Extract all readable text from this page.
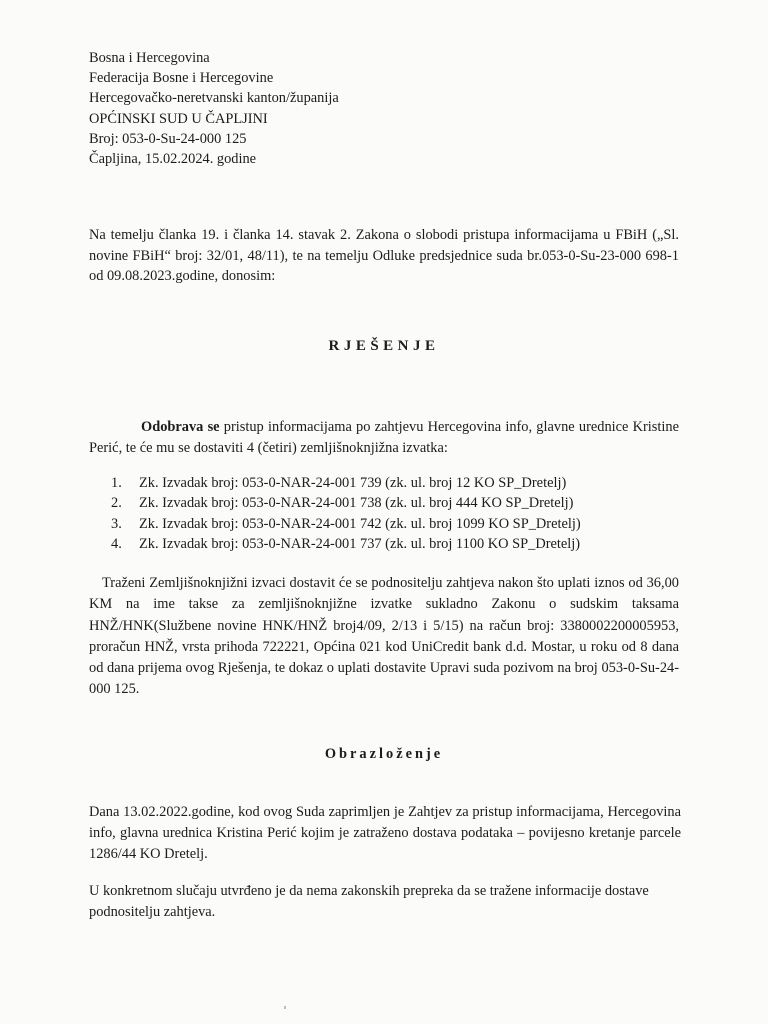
Bosna i Hercegovina
Federacija Bosne i Hercegovine
Hercegovačko-neretvanski kanton/županija
OPĆINSKI SUD U ČAPLJINI
Broj: 053-0-Su-24-000 125
Čapljina, 15.02.2024. godine
Na temelju članka 19. i članka 14. stavak 2. Zakona o slobodi pristupa informacijama u FBiH („Sl. novine FBiH“ broj: 32/01, 48/11), te na temelju Odluke predsjednice suda br.053-0-Su-23-000 698-1 od 09.08.2023.godine, donosim:
RJEŠENJE
Odobrava se pristup informacijama po zahtjevu Hercegovina info, glavne urednice Kristine Perić, te će mu se dostaviti 4 (četiri) zemljišnoknjižna izvatka:
1. Zk. Izvadak broj: 053-0-NAR-24-001 739 (zk. ul. broj 12 KO SP_Dretelj)
2. Zk. Izvadak broj: 053-0-NAR-24-001 738 (zk. ul. broj 444 KO SP_Dretelj)
3. Zk. Izvadak broj: 053-0-NAR-24-001 742 (zk. ul. broj 1099 KO SP_Dretelj)
4. Zk. Izvadak broj: 053-0-NAR-24-001 737 (zk. ul. broj 1100 KO SP_Dretelj)
Traženi Zemljišnoknjižni izvaci dostavit će se podnositelju zahtjeva nakon što uplati iznos od 36,00 KM na ime takse za zemljišnoknjižne izvatke sukladno Zakonu o sudskim taksama HNŽ/HNK(Službene novine HNK/HNŽ broj4/09, 2/13 i 5/15) na račun broj: 3380002200005953, proračun HNŽ, vrsta prihoda 722221, Općina 021 kod UniCredit bank d.d. Mostar, u roku od 8 dana od dana prijema ovog Rješenja, te dokaz o uplati dostavite Upravi suda pozivom na broj 053-0-Su-24-000 125.
Obrazloženje
Dana 13.02.2022.godine, kod ovog Suda zaprimljen je Zahtjev za pristup informacijama, Hercegovina info, glavna urednica Kristina Perić kojim je zatraženo dostava podataka – povijesno kretanje parcele 1286/44 KO Dretelj.
U konkretnom slučaju utvrđeno je da nema zakonskih prepreka da se tražene informacije dostave podnositelju zahtjeva.
